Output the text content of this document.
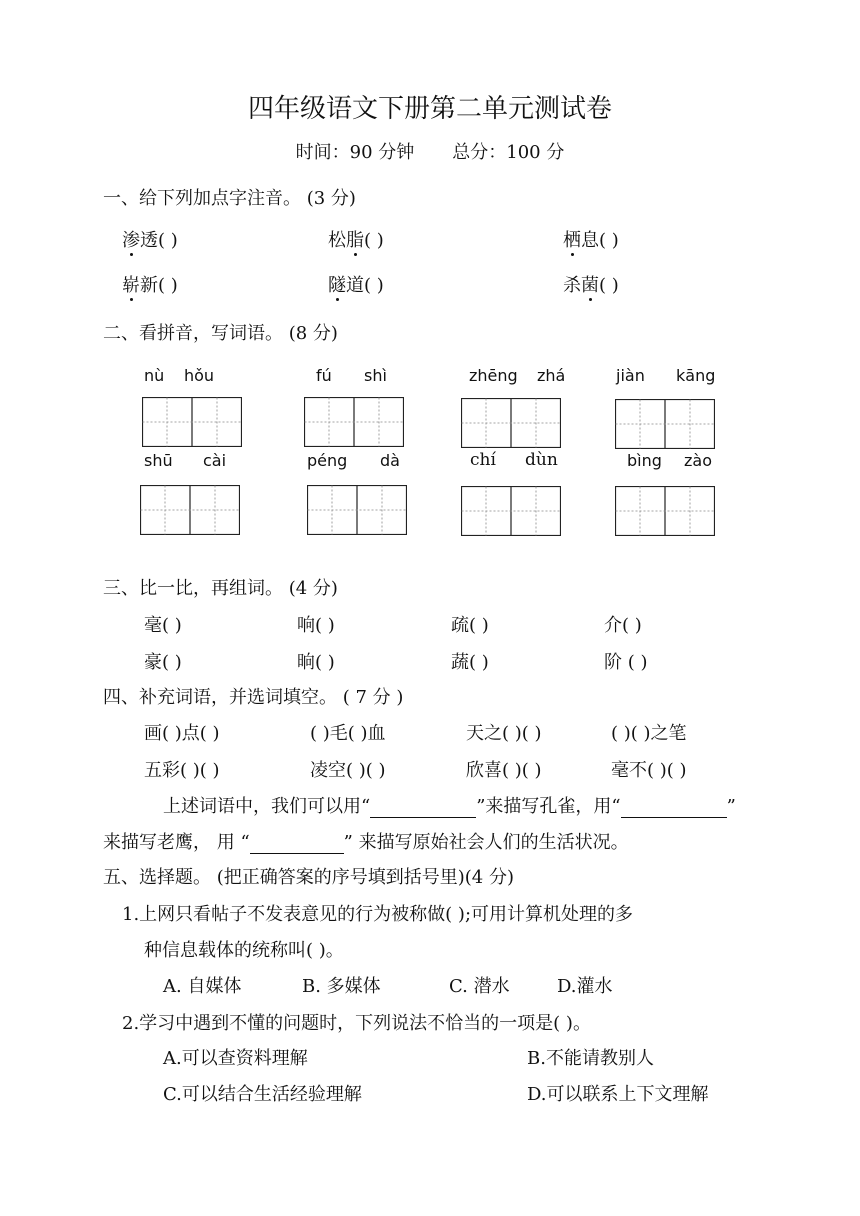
四年级语文下册第二单元测试卷
时间：90 分钟 总分：100 分
一、给下列加点字注音。 (3 分)
渗透( )	松脂( )	栖息( )
崭新( )	隧道( )	杀菌( )
二、看拼音，写词语。 (8 分)
nù hǒu	fú shì	zhēng zhá	jiàn kāng
shū cài	péng dà	chí dùn	bìng zào
三、比一比，再组词。 (4 分)
毫( )	响( )	疏( )	介( )
豪( )	晌( )	蔬( )	阶 ( )
四、补充词语，并选词填空。 ( 7 分 )
画( )点( )	( )毛( )血	天之( )( )	( )( )之笔
五彩( )( )	凌空( )( )	欣喜( )( )	毫不( )( )
上述词语中，我们可以用“	”来描写孔雀，用“	”
来描写老鹰， 用 “	” 来描写原始社会人们的生活状况。
五、选择题。 (把正确答案的序号填到括号里)(4 分)
1.上网只看帖子不发表意见的行为被称做( );可用计算机处理的多
种信息载体的统称叫( )。
A. 自媒体	B. 多媒体	C. 潜水	D.灌水
2.学习中遇到不懂的问题时，下列说法不恰当的一项是( )。
A.可以查资料理解	B.不能请教别人
C.可以结合生活经验理解	D.可以联系上下文理解
